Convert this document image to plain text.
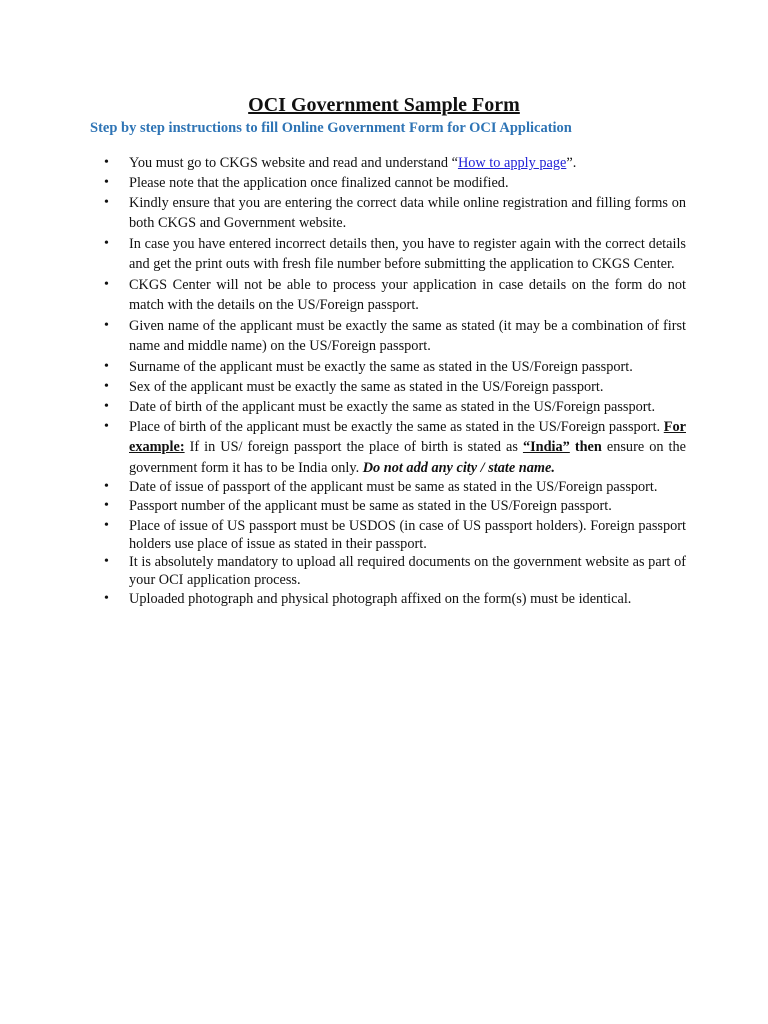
OCI Government Sample Form

Step by step instructions to fill Online Government Form for OCI Application

• You must go to CKGS website and read and understand “How to apply page”.
• Please note that the application once finalized cannot be modified.
• Kindly ensure that you are entering the correct data while online registration and filling forms on both CKGS and Government website.
• In case you have entered incorrect details then, you have to register again with the correct details and get the print outs with fresh file number before submitting the application to CKGS Center.
• CKGS Center will not be able to process your application in case details on the form do not match with the details on the US/Foreign passport.
• Given name of the applicant must be exactly the same as stated (it may be a combination of first name and middle name) on the US/Foreign passport.
• Surname of the applicant must be exactly the same as stated in the US/Foreign passport.
• Sex of the applicant must be exactly the same as stated in the US/Foreign passport.
• Date of birth of the applicant must be exactly the same as stated in the US/Foreign passport.
• Place of birth of the applicant must be exactly the same as stated in the US/Foreign passport. For example: If in US/ foreign passport the place of birth is stated as “India” then ensure on the government form it has to be India only. Do not add any city / state name.
• Date of issue of passport of the applicant must be same as stated in the US/Foreign passport.
• Passport number of the applicant must be same as stated in the US/Foreign passport.
• Place of issue of US passport must be USDOS (in case of US passport holders). Foreign passport holders use place of issue as stated in their passport.
• It is absolutely mandatory to upload all required documents on the government website as part of your OCI application process.
• Uploaded photograph and physical photograph affixed on the form(s) must be identical.
